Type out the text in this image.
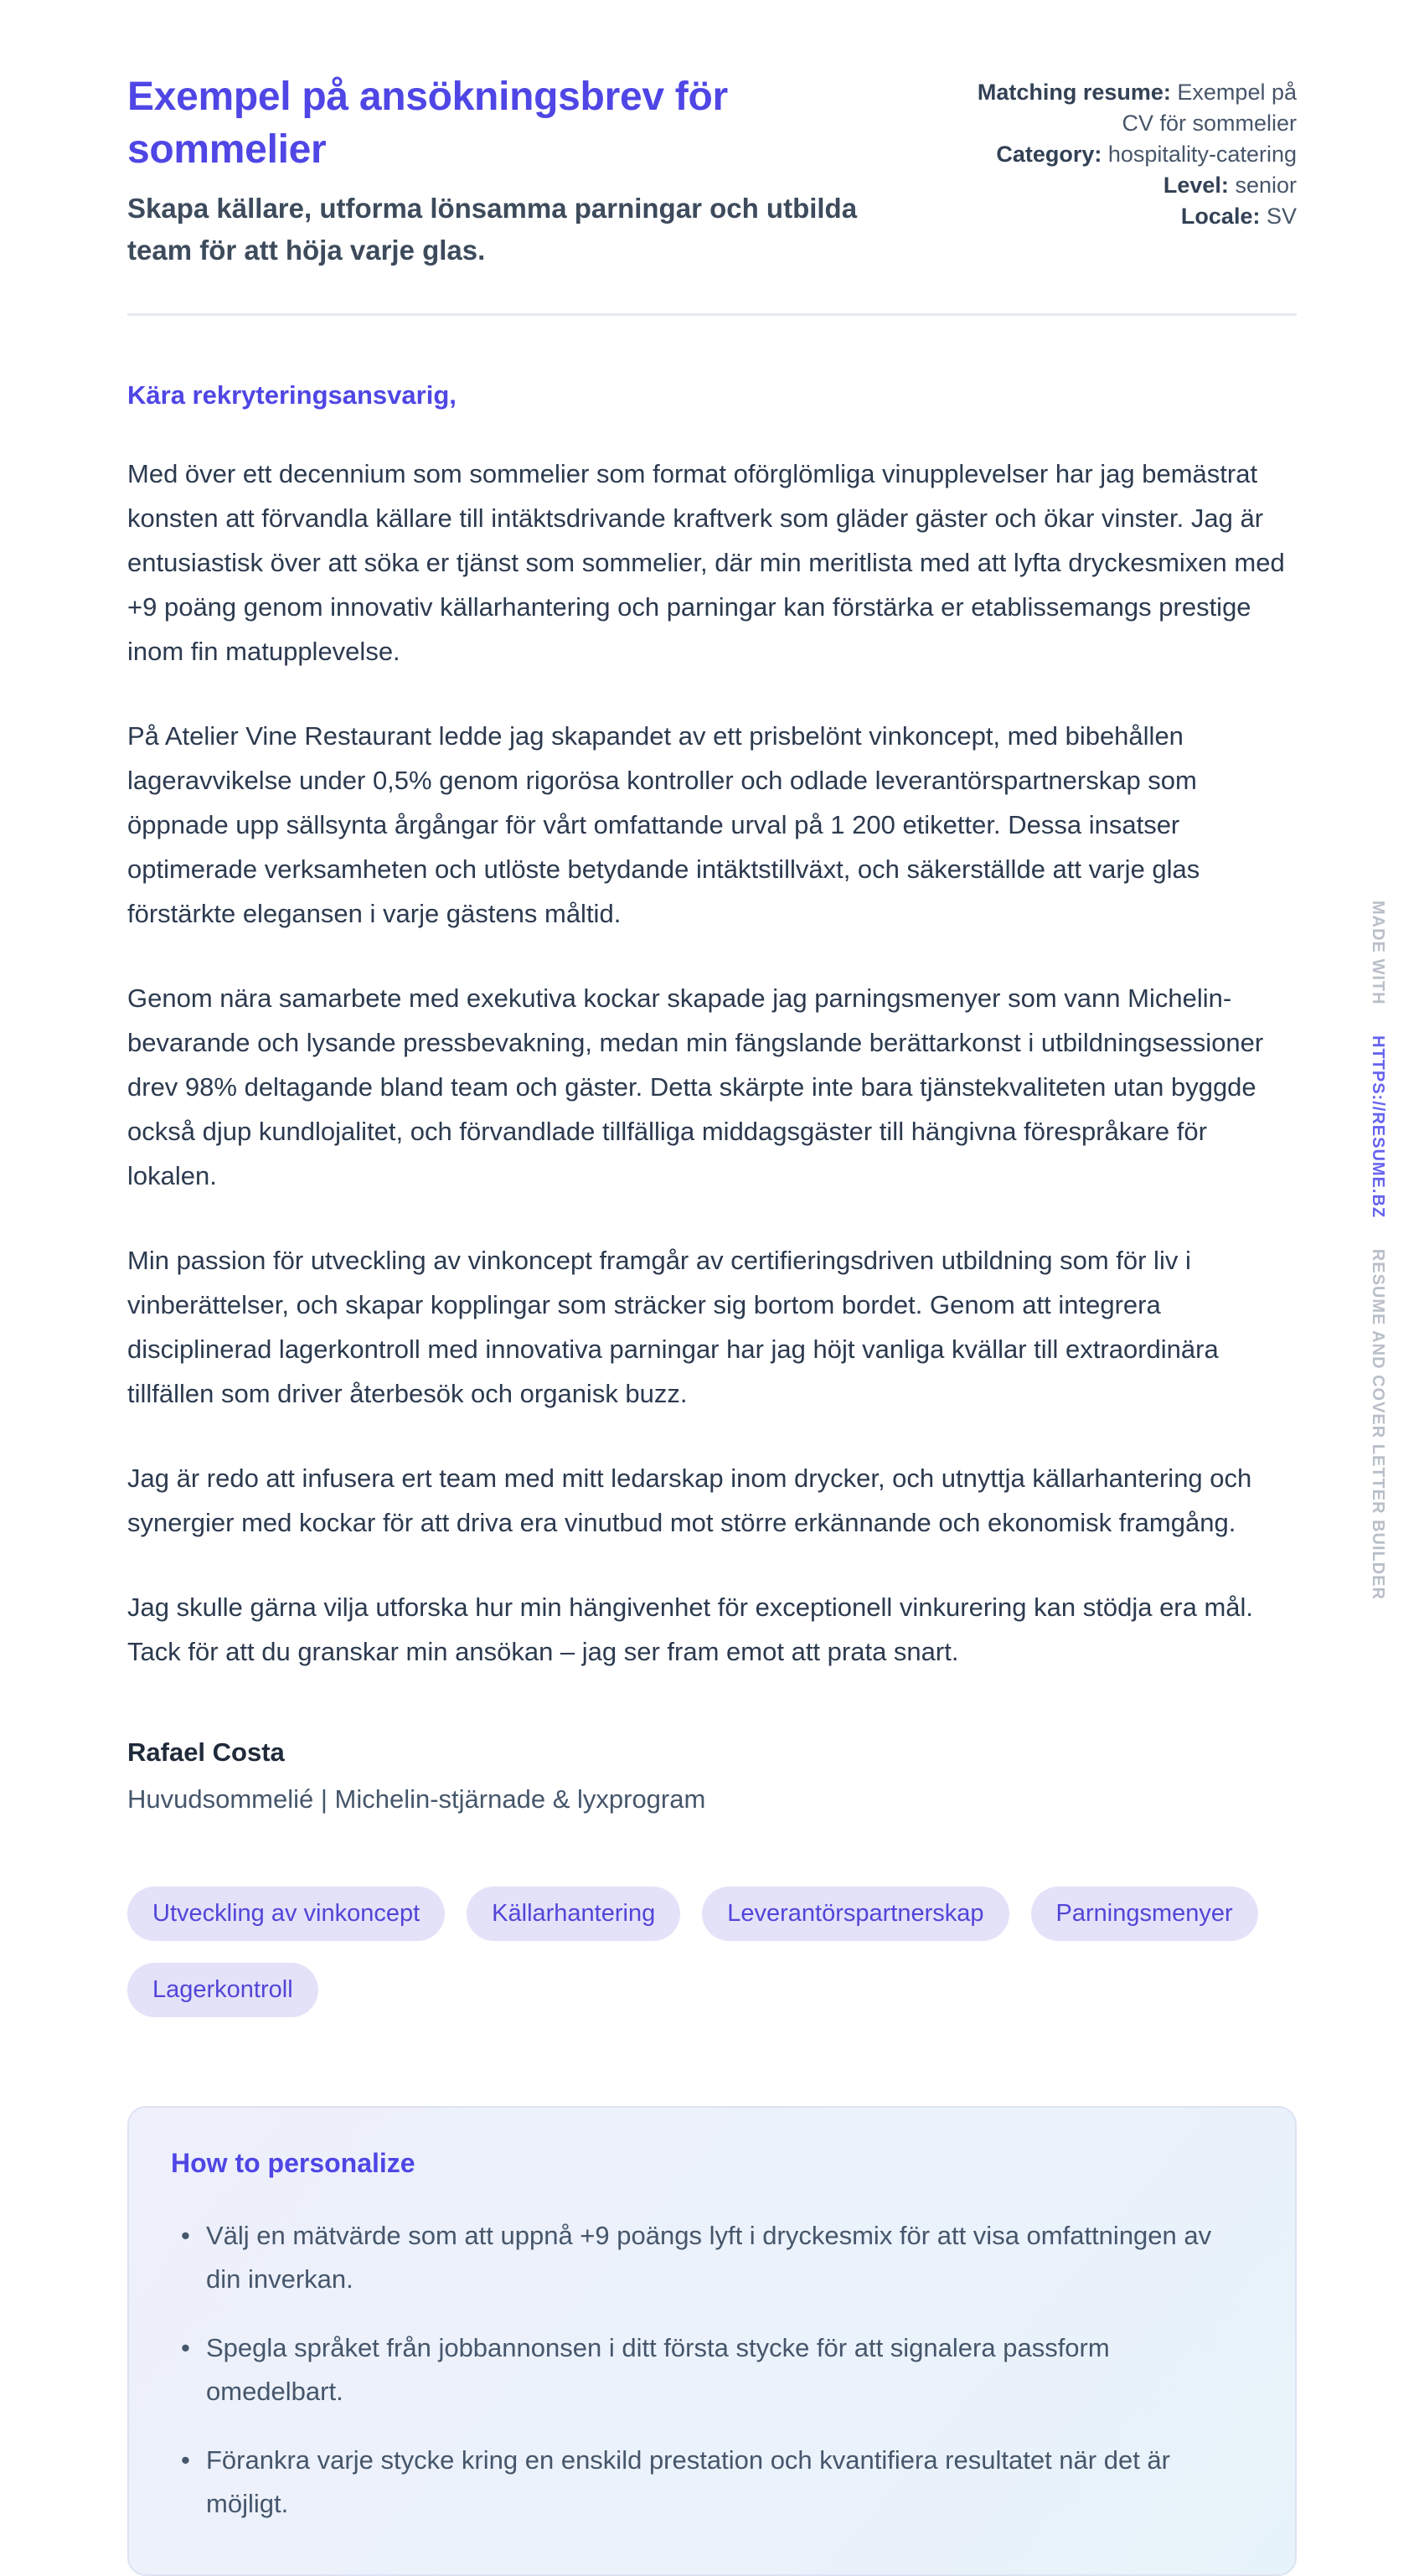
Exempel på ansökningsbrev för sommelier

Skapa källare, utforma lönsamma parningar och utbilda team för att höja varje glas.

Matching resume: Exempel på CV för sommelier
Category: hospitality-catering
Level: senior
Locale: SV

Kära rekryteringsansvarig,

Med över ett decennium som sommelier som format oförglömliga vinupplevelser har jag bemästrat konsten att förvandla källare till intäktsdrivande kraftverk som gläder gäster och ökar vinster. Jag är entusiastisk över att söka er tjänst som sommelier, där min meritlista med att lyfta dryckesmixen med +9 poäng genom innovativ källarhantering och parningar kan förstärka er etablissemangs prestige inom fin matupplevelse.

På Atelier Vine Restaurant ledde jag skapandet av ett prisbelönt vinkoncept, med bibehållen lageravvikelse under 0,5% genom rigorösa kontroller och odlade leverantörspartnerskap som öppnade upp sällsynta årgångar för vårt omfattande urval på 1 200 etiketter. Dessa insatser optimerade verksamheten och utlöste betydande intäktstillväxt, och säkerställde att varje glas förstärkte elegansen i varje gästens måltid.

Genom nära samarbete med exekutiva kockar skapade jag parningsmenyer som vann Michelin-bevarande och lysande pressbevakning, medan min fängslande berättarkonst i utbildningsessioner drev 98% deltagande bland team och gäster. Detta skärpte inte bara tjänstekvaliteten utan byggde också djup kundlojalitet, och förvandlade tillfälliga middagsgäster till hängivna förespråkare för lokalen.

Min passion för utveckling av vinkoncept framgår av certifieringsdriven utbildning som för liv i vinberättelser, och skapar kopplingar som sträcker sig bortom bordet. Genom att integrera disciplinerad lagerkontroll med innovativa parningar har jag höjt vanliga kvällar till extraordinära tillfällen som driver återbesök och organisk buzz.

Jag är redo att infusera ert team med mitt ledarskap inom drycker, och utnyttja källarhantering och synergier med kockar för att driva era vinutbud mot större erkännande och ekonomisk framgång.

Jag skulle gärna vilja utforska hur min hängivenhet för exceptionell vinkurering kan stödja era mål. Tack för att du granskar min ansökan – jag ser fram emot att prata snart.

Rafael Costa

Huvudsommelié | Michelin-stjärnade & lyxprogram

Utveckling av vinkoncept	Källarhantering	Leverantörspartnerskap	Parningsmenyer
Lagerkontroll
How to personalize
• Välj en mätvärde som att uppnå +9 poängs lyft i dryckesmix för att visa omfattningen av din inverkan.
• Spegla språket från jobbannonsen i ditt första stycke för att signalera passform omedelbart.
• Förankra varje stycke kring en enskild prestation och kvantifiera resultatet när det är möjligt.
MADE WITH HTTPS://RESUME.BZ RESUME AND COVER LETTER BUILDER
